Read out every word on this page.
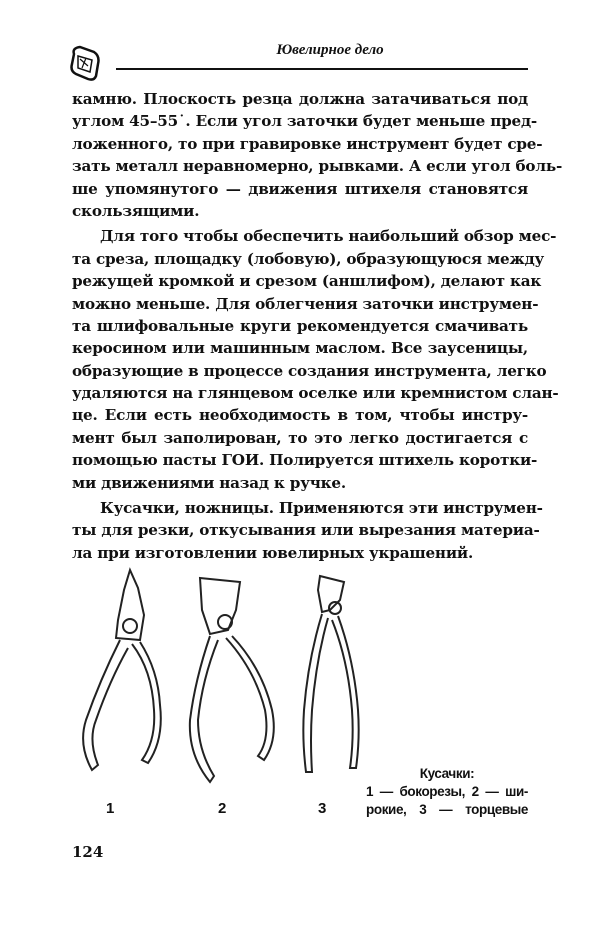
Ювелирное дело
камню. Плоскость резца должна затачиваться под
углом 45–55˙. Если угол заточки будет меньше пред-
ложенного, то при гравировке инструмент будет сре-
зать металл неравномерно, рывками. А если угол боль-
ше упомянутого — движения штихеля становятся
скользящими.
Для того чтобы обеспечить наибольший обзор мес-
та среза, площадку (лобовую), образующуюся между
режущей кромкой и срезом (аншлифом), делают как
можно меньше. Для облегчения заточки инструмен-
та шлифовальные круги рекомендуется смачивать
керосином или машинным маслом. Все заусеницы,
образующие в процессе создания инструмента, легко
удаляются на глянцевом оселке или кремнистом слан-
це. Если есть необходимость в том, чтобы инстру-
мент был заполирован, то это легко достигается с
помощью пасты ГОИ. Полируется штихель коротки-
ми движениями назад к ручке.
Кусачки, ножницы. Применяются эти инструмен-
ты для резки, откусывания или вырезания материа-
ла при изготовлении ювелирных украшений.
1	2	3
Кусачки:
1 — бокорезы, 2 — ши-
рокие, 3 — торцевые
124
